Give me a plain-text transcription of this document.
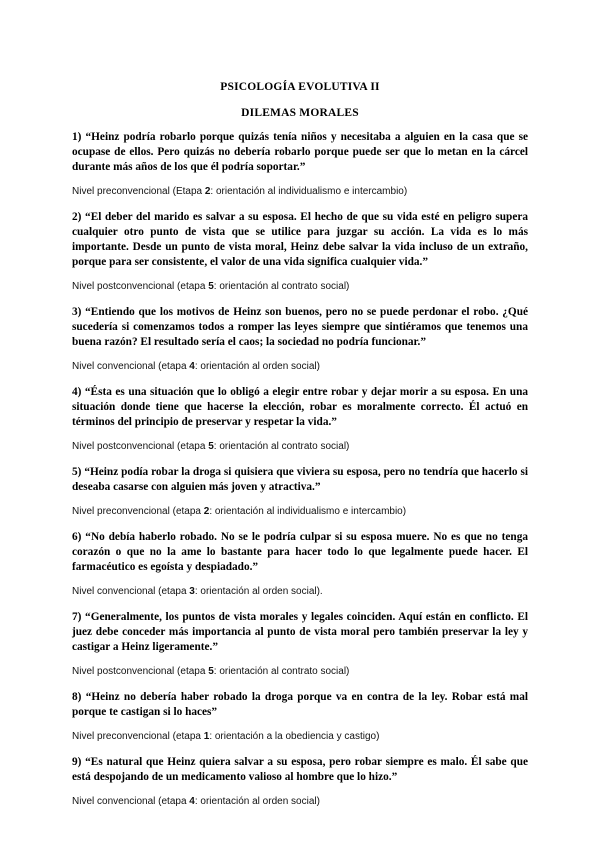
PSICOLOGÍA EVOLUTIVA II

DILEMAS MORALES

1) “Heinz podría robarlo porque quizás tenía niños y necesitaba a alguien en la casa que se ocupase de ellos. Pero quizás no debería robarlo porque puede ser que lo metan en la cárcel durante más años de los que él podría soportar.”

Nivel preconvencional (Etapa 2: orientación al individualismo e intercambio)

2) “El deber del marido es salvar a su esposa. El hecho de que su vida esté en peligro supera cualquier otro punto de vista que se utilice para juzgar su acción. La vida es lo más importante. Desde un punto de vista moral, Heinz debe salvar la vida incluso de un extraño, porque para ser consistente, el valor de una vida significa cualquier vida.”

Nivel postconvencional (etapa 5: orientación al contrato social)

3) “Entiendo que los motivos de Heinz son buenos, pero no se puede perdonar el robo. ¿Qué sucedería si comenzamos todos a romper las leyes siempre que sintiéramos que tenemos una buena razón? El resultado sería el caos; la sociedad no podría funcionar.”

Nivel convencional (etapa 4: orientación al orden social)

4) “Ésta es una situación que lo obligó a elegir entre robar y dejar morir a su esposa. En una situación donde tiene que hacerse la elección, robar es moralmente correcto. Él actuó en términos del principio de preservar y respetar la vida.”

Nivel postconvencional (etapa 5: orientación al contrato social)

5) “Heinz podía robar la droga si quisiera que viviera su esposa, pero no tendría que hacerlo si deseaba casarse con alguien más joven y atractiva.”

Nivel preconvencional (etapa 2: orientación al individualismo e intercambio)

6) “No debía haberlo robado. No se le podría culpar si su esposa muere. No es que no tenga corazón o que no la ame lo bastante para hacer todo lo que legalmente puede hacer. El farmacéutico es egoísta y despiadado.”

Nivel convencional (etapa 3: orientación al orden social).

7) “Generalmente, los puntos de vista morales y legales coinciden. Aquí están en conflicto. El juez debe conceder más importancia al punto de vista moral pero también preservar la ley y castigar a Heinz ligeramente.”

Nivel postconvencional (etapa 5: orientación al contrato social)

8) “Heinz no debería haber robado la droga porque va en contra de la ley. Robar está mal porque te castigan si lo haces”

Nivel preconvencional (etapa 1: orientación a la obediencia y castigo)

9) “Es natural que Heinz quiera salvar a su esposa, pero robar siempre es malo. Él sabe que está despojando de un medicamento valioso al hombre que lo hizo.”

Nivel convencional (etapa 4: orientación al orden social)
